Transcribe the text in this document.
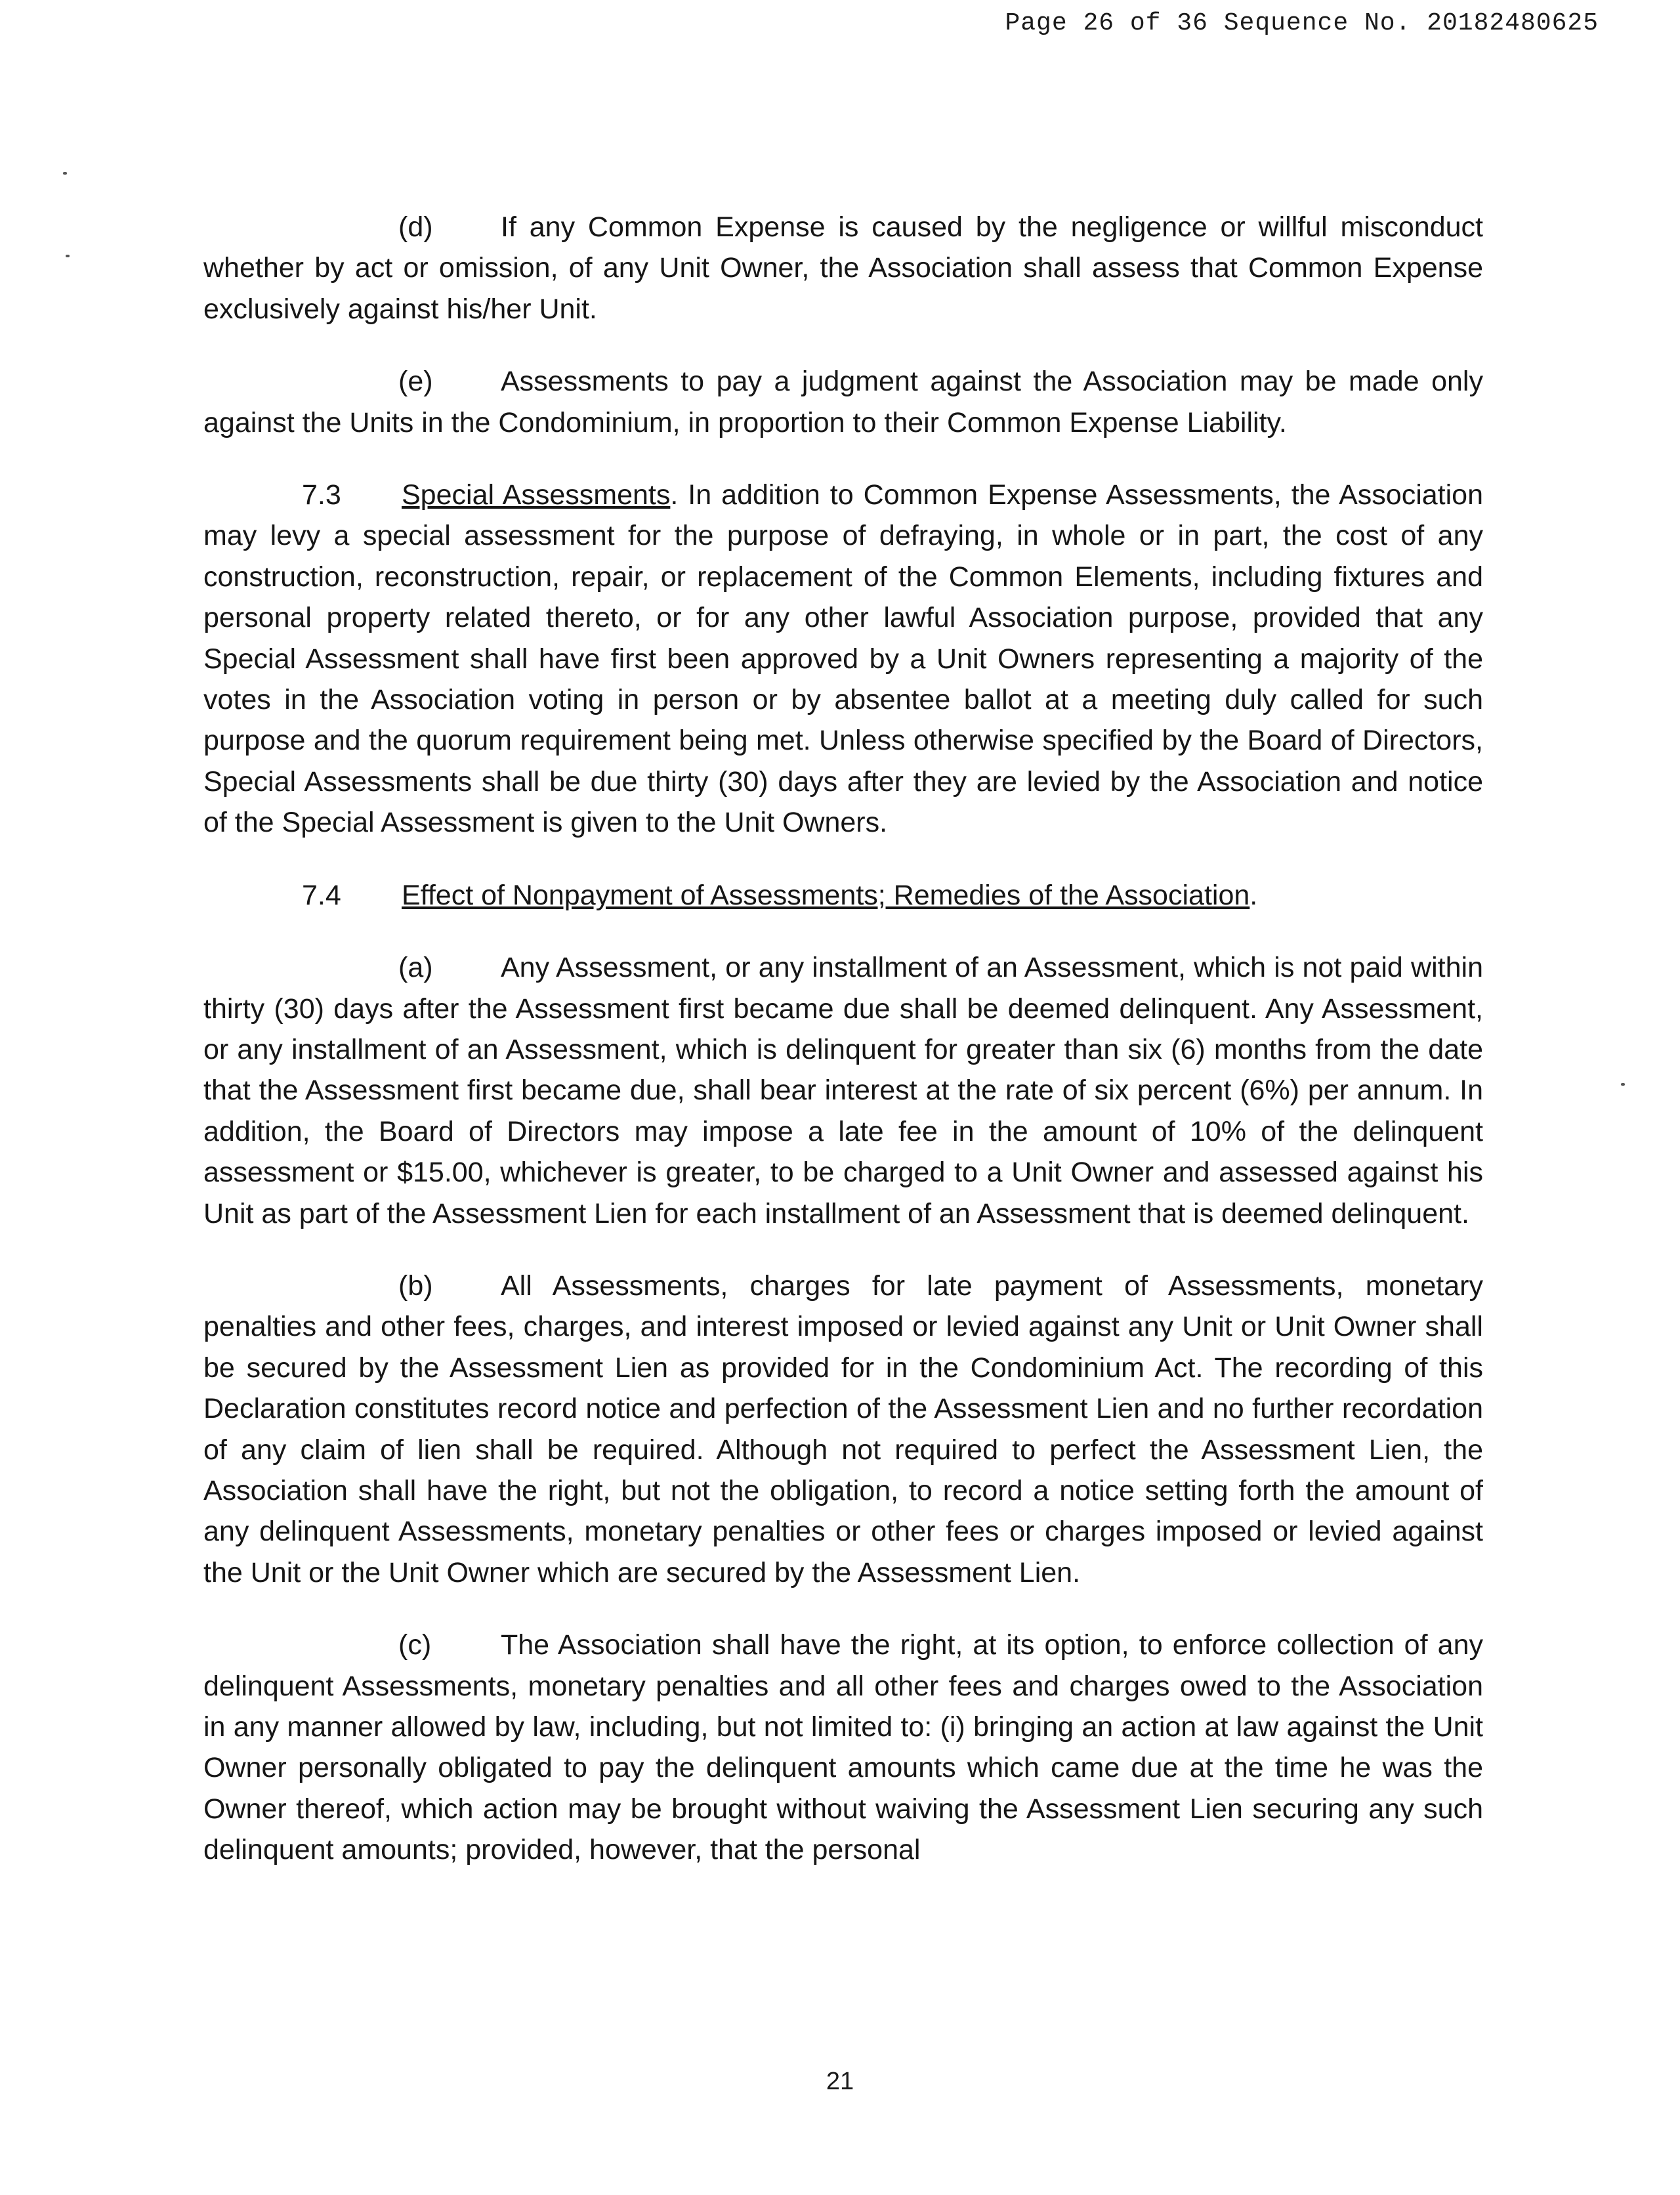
Page 26 of 36 Sequence No. 20182480625

(d) If any Common Expense is caused by the negligence or willful misconduct whether by act or omission, of any Unit Owner, the Association shall assess that Common Expense exclusively against his/her Unit.

(e) Assessments to pay a judgment against the Association may be made only against the Units in the Condominium, in proportion to their Common Expense Liability.

7.3 Special Assessments. In addition to Common Expense Assessments, the Association may levy a special assessment for the purpose of defraying, in whole or in part, the cost of any construction, reconstruction, repair, or replacement of the Common Elements, including fixtures and personal property related thereto, or for any other lawful Association purpose, provided that any Special Assessment shall have first been approved by a Unit Owners representing a majority of the votes in the Association voting in person or by absentee ballot at a meeting duly called for such purpose and the quorum requirement being met. Unless otherwise specified by the Board of Directors, Special Assessments shall be due thirty (30) days after they are levied by the Association and notice of the Special Assessment is given to the Unit Owners.

7.4 Effect of Nonpayment of Assessments; Remedies of the Association.

(a) Any Assessment, or any installment of an Assessment, which is not paid within thirty (30) days after the Assessment first became due shall be deemed delinquent. Any Assessment, or any installment of an Assessment, which is delinquent for greater than six (6) months from the date that the Assessment first became due, shall bear interest at the rate of six percent (6%) per annum. In addition, the Board of Directors may impose a late fee in the amount of 10% of the delinquent assessment or $15.00, whichever is greater, to be charged to a Unit Owner and assessed against his Unit as part of the Assessment Lien for each installment of an Assessment that is deemed delinquent.

(b) All Assessments, charges for late payment of Assessments, monetary penalties and other fees, charges, and interest imposed or levied against any Unit or Unit Owner shall be secured by the Assessment Lien as provided for in the Condominium Act. The recording of this Declaration constitutes record notice and perfection of the Assessment Lien and no further recordation of any claim of lien shall be required. Although not required to perfect the Assessment Lien, the Association shall have the right, but not the obligation, to record a notice setting forth the amount of any delinquent Assessments, monetary penalties or other fees or charges imposed or levied against the Unit or the Unit Owner which are secured by the Assessment Lien.

(c) The Association shall have the right, at its option, to enforce collection of any delinquent Assessments, monetary penalties and all other fees and charges owed to the Association in any manner allowed by law, including, but not limited to: (i) bringing an action at law against the Unit Owner personally obligated to pay the delinquent amounts which came due at the time he was the Owner thereof, which action may be brought without waiving the Assessment Lien securing any such delinquent amounts; provided, however, that the personal

21
